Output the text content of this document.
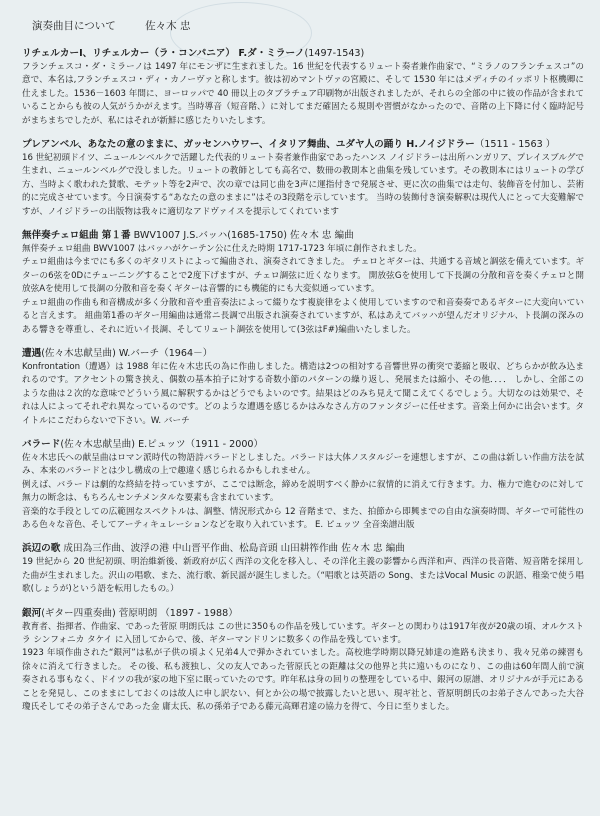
演奏曲目について	佐々木 忠
リチェルカーI、リチェルカー（ラ・コンパニア） F.ダ・ミラーノ(1497-1543)
フランチェスコ・ダ・ミラーノは 1497 年にモンザに生まれました。16 世紀を代表するリュート奏者兼作曲家で、“ミラノのフランチェスコ”の意で、本名は,フランチェスコ・ディ・カノーヴァと称します。彼は初めマントヴァの宮殿に、そして 1530 年にはメディチのイッポリト枢機卿に仕えました。1536－1603 年間に、ヨーロッパで 40 冊以上のタブラチュア印刷物が出版されましたが、それらの全部の中に彼の作品が含まれていることからも彼の人気がうかがえます。当時導音（短音階、）に対してまだ確固たる規則や習慣がなかったので、音階の上下降に付く臨時記号がまちまちでしたが、私にはそれが新鮮に感じたりいたします。
プレアンベル、あなたの意のままに、ガッセンハウワー、イタリア舞曲、ユダヤ人の踊り H.ノイジドラー（1511 - 1563 ）
16 世紀初頭ドイツ、ニュールンベルクで活躍した代表的リュート奏者兼作曲家であったハンス ノイジドラーは出所ハンガリア、プレイスブルグで生まれ、ニュールンベルグで没しました。リュートの教師としても高名で、数冊の教則本と曲集を残しています。その教則本にはリュートの学び方、当時よく歌われた賛歌、モテット等を2声で、次の章では同じ曲を3声に運指付きで発展させ、更に次の曲集では走句、装飾音を付加し、芸術的に完成させています。今日演奏する“あなたの意のままに”はその3段階を示しています。 当時の装飾付き演奏解釈は現代人にとって大変難解ですが、ノイジドラーの出版物は我々に適切なアドヴァイスを提示してくれています
無伴奏チェロ組曲 第１番 BWV1007 J.S.バッハ(1685-1750) 佐々木 忠 編曲
無伴奏チェロ組曲 BWV1007 はバッハがケーテン公に仕えた時期 1717-1723 年頃に創作されました。
チェロ組曲は今までにも多くのギタリストによって編曲され、演奏されてきました。 チェロとギターは、共通する音域と調弦を備えています。ギターの6弦を0Dにチューニングすることで2度下げますが、チェロ調弦に近くなります。 開放弦Gを使用して下長調の分散和音を奏くチェロと開放弦Aを使用して長調の分散和音を奏くギターは音響的にも機能的にも大変似通っています。
チェロ組曲の作曲も和音構成が多く分散和音や重音奏法によって綴りなす複旋律をよく使用していますので和音奏奏であるギターに大変向いていると言えます。 組曲第1番のギター用編曲は通常ニ長調で出版され演奏されていますが、私はあえてバッハが望んだオリジナル、ト長調の深みのある響きを尊重し、それに近いイ長調、そしてリュート調弦を使用して(3弦はF#)編曲いたしました。
遭遇(佐々木忠献呈曲) W.バーチ（1964－）
Konfrontation（遭遇）は 1988 年に佐々木忠氏の為に作曲しました。構造は2つの相対する音響世界の衝突で萎縮と吸収、どちらかが飲み込まれるのです。アクセントの驚き挟え、偶数の基本拍子に対する奇数小節のパターンの繰り返し、発展または縮小、その他．．．． しかし、全部このような曲は２次的な意味でどういう風に解釈するかはどうでもよいのです。結果はどのみち見えて聞こえてくるでしょう。大切なのは効果で、それは人によってそれぞれ異なっているのです。どのような遭遇を感じるかはみなさん方のファンタジーに任せます。音楽上何かに出会います。タイトルにこだわらないで下さい。W. バーチ
バラード(佐々木忠献呈曲) E.ピュッツ（1911 - 2000）
佐々木忠氏への献呈曲はロマン派時代の物語詩バラードとしました。バラードは大体ノスタルジーを連想しますが、この曲は新しい作曲方法を試み、本来のバラードとは少し構成の上で趣違く感じられるかもしれません。
例えば、バラードは劇的な終結を持っていますが、ここでは断念，締めを説明すべく静かに叙情的に消えて行きます。力、権力で進むのに対して無力の断念は、もちろんセンチメンタルな要素も含まれています。
音楽的な手段としての広範囲なスペクトルは、調整、情況形式から 12 音階まで、また、拍節から即興までの自由な演奏時間、ギターで可能性のある色々な音色、そしてアーティキュレーションなどを取り入れています。 E. ピュッツ 全音楽譜出版
浜辺の歌 成田為三作曲、波浮の港 中山晋平作曲、松島音頭 山田耕筰作曲 佐々木 忠 編曲
19 世紀から 20 世紀初頭、明治維新後、新政府が広く西洋の文化を移入し、その洋化主義の影響から西洋和声、西洋の長音階、短音階を採用した曲が生まれました。沢山の唱歌、また、流行歌、新民謡が誕生しました。（“唱歌とは英語の Song、またはVocal Music の訳語、稚楽で使う唱歌(しょうが)という語を転用したもの。）
銀河(ギター四重奏曲) 菅原明朗 （1897 - 1988）
教育者、指揮者、作曲家、であった菅原 明朗氏は この世に350もの作品を残しています。ギターとの関わりは1917年夜が20歳の頃、オルケストラ シンフォニカ タケイ に入団してからで、後、ギターマンドリンに数多くの作品を残しています。
1923 年頃作曲された“銀河”は私が子供の頃よく兄弟4人で弾かされていました。高校進学時期以降兄姉達の進路も決まり、我々兄弟の練習も徐々に消えて行きました。 その後、私も渡独し、父の友人であった菅原氏との距離は父の他界と共に遠いものになり、この曲は60年間人前で演奏される事もなく、ドイツの我が家の地下室に眠っていたのです。昨年私は身の回りの整理をしている中、銀河の原譜、オリジナルが手元にあることを発見し、このままにしておくのは故人に申し訳ない、何とか公の場で披露したいと思い、現ギ社と、菅原明朗氏のお弟子さんであった大谷瓊氏そしてその弟子さんであった金 庸太氏、私の孫弟子である藤元高輝君達の協力を得て、今日に至りました。
